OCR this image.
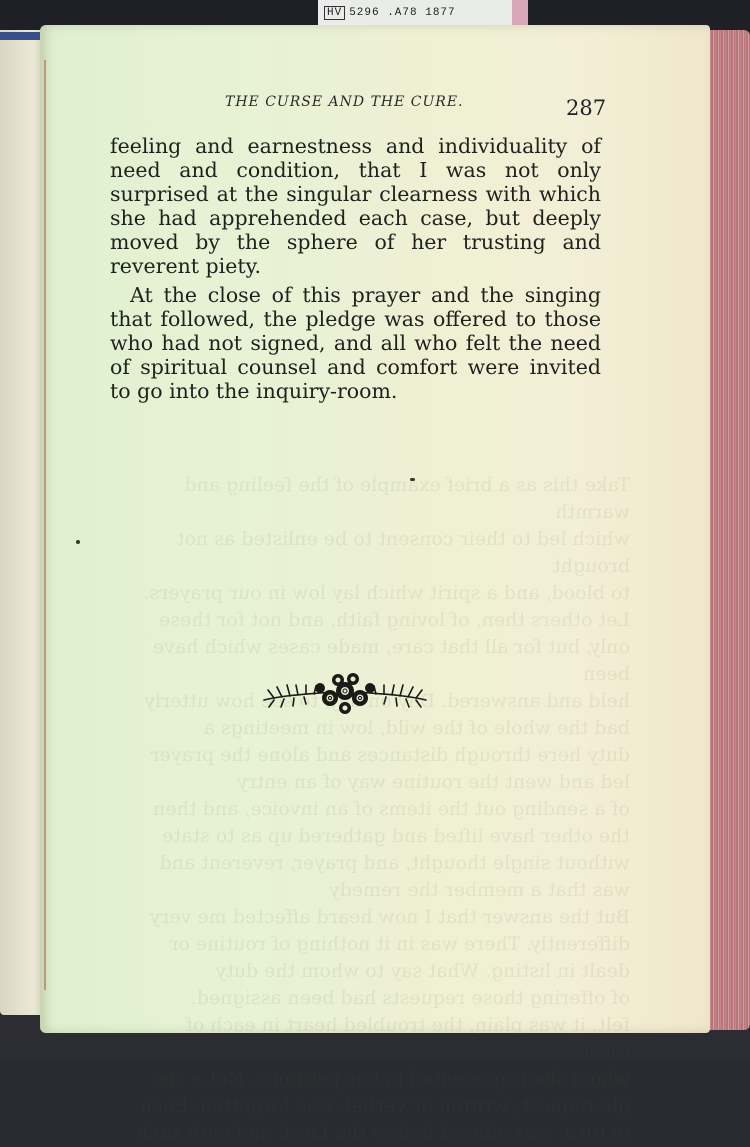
HV 5296 .A78 1877

whom she represented in her petitions. Not a sin-
gle request, written or verbal, was forgotten. Each
in turn, was offered before the Lord, and with such

THE CURSE AND THE CURE.	287

feeling and earnestness and individuality of need and condition, that I was not only surprised at the singular clearness with which she had apprehended each case, but deeply moved by the sphere of her trusting and reverent piety.

At the close of this prayer and the singing that followed, the pledge was offered to those who had not signed, and all who felt the need of spiritual counsel and comfort were invited to go into the inquiry-room.
